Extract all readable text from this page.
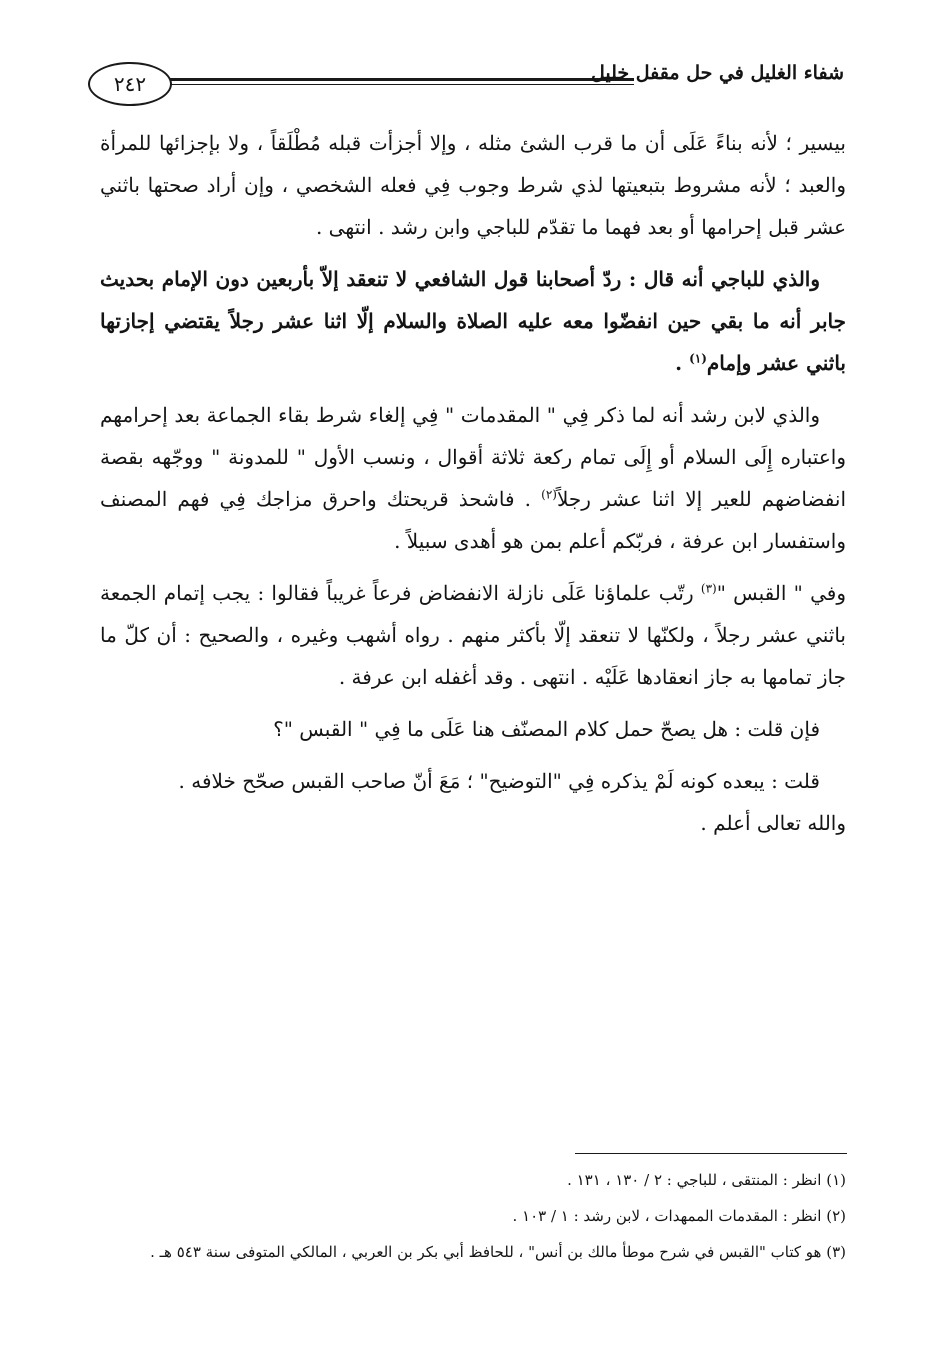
٢٤٢	شفاء الغليل في حل مقفل خليل

بيسير ؛ لأنه بناءً عَلَى أن ما قرب الشئ مثله ، وإلا أجزأت قبله مُطْلَقاً ، ولا بإجزائها للمرأة والعبد ؛ لأنه مشروط بتبعيتها لذي شرط وجوب فِي فعله الشخصي ، وإن أراد صحتها باثني عشر قبل إحرامها أو بعد فهما ما تقدّم للباجي وابن رشد . انتهى .

والذي للباجي أنه قال : ردّ أصحابنا قول الشافعي لا تنعقد إلاّ بأربعين دون الإمام بحديث جابر أنه ما بقي حين انفضّوا معه عليه الصلاة والسلام إلّا اثنا عشر رجلاً يقتضي إجازتها باثني عشر وإمام$^{(١)}$ .

والذي لابن رشد أنه لما ذكر فِي " المقدمات " فِي إلغاء شرط بقاء الجماعة بعد إحرامهم واعتباره إِلَى السلام أو إِلَى تمام ركعة ثلاثة أقوال ، ونسب الأول " للمدونة " ووجّهه بقصة انفضاضهم للعير إلا اثنا عشر رجلاً$^{(٢)}$ . فاشحذ قريحتك واحرق مزاجك فِي فهم المصنف واستفسار ابن عرفة ، فربّكم أعلم بمن هو أهدى سبيلاً .

وفي " القبس "$^{(٣)}$ رتّب علماؤنا عَلَى نازلة الانفضاض فرعاً غريباً فقالوا : يجب إتمام الجمعة باثني عشر رجلاً ، ولكنّها لا تنعقد إلّا بأكثر منهم . رواه أشهب وغيره ، والصحيح : أن كلّ ما جاز تمامها به جاز انعقادها عَلَيْه . انتهى . وقد أغفله ابن عرفة .

فإن قلت : هل يصحّ حمل كلام المصنّف هنا عَلَى ما فِي " القبس "؟

قلت : يبعده كونه لَمْ يذكره فِي "التوضيح" ؛ مَعَ أنّ صاحب القبس صحّح خلافه .

والله تعالى أعلم .

(١) انظر : المنتقى ، للباجي : ٢ / ١٣٠ ، ١٣١ .
(٢) انظر : المقدمات الممهدات ، لابن رشد : ١ / ١٠٣ .
(٣) هو كتاب "القبس في شرح موطأ مالك بن أنس" ، للحافظ أبي بكر بن العربي ، المالكي المتوفى سنة ٥٤٣ هـ .
